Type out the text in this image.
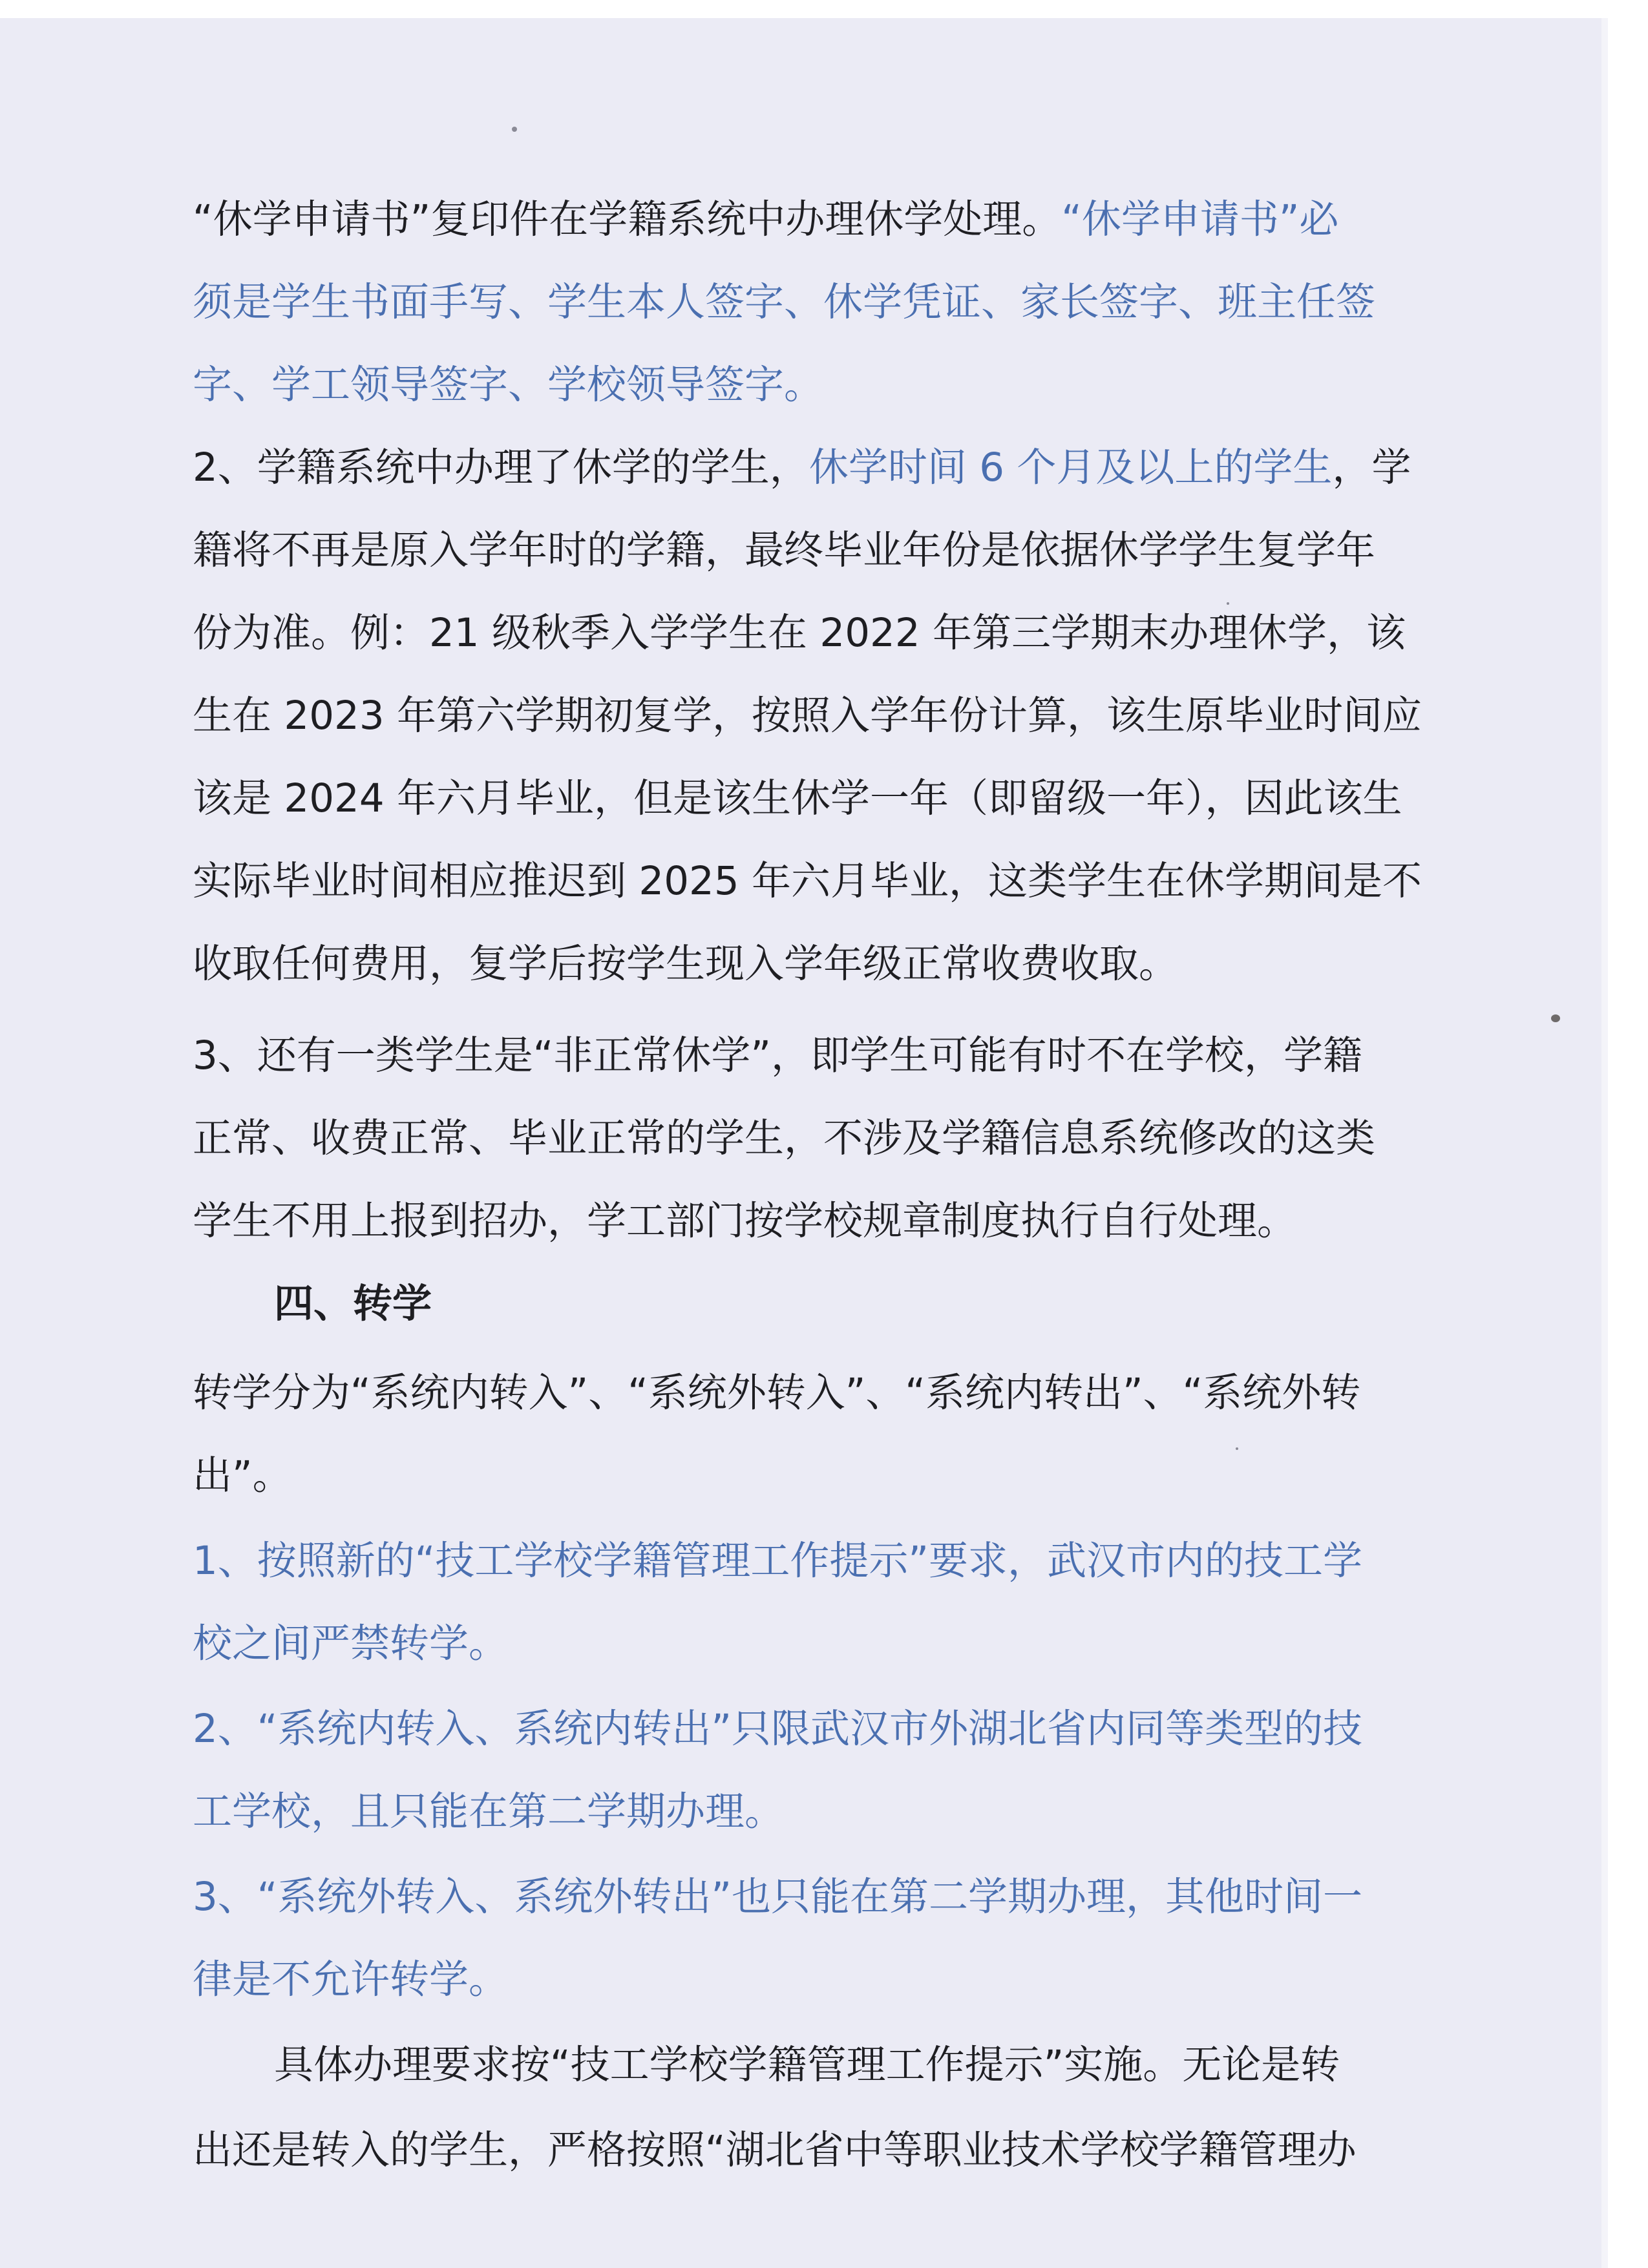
“休学申请书”复印件在学籍系统中办理休学处理。“休学申请书”必

须是学生书面手写、学生本人签字、休学凭证、家长签字、班主任签

字、学工领导签字、学校领导签字。

2、学籍系统中办理了休学的学生，休学时间 6 个月及以上的学生，学

籍将不再是原入学年时的学籍，最终毕业年份是依据休学学生复学年

份为准。例：21 级秋季入学学生在 2022 年第三学期末办理休学，该

生在 2023 年第六学期初复学，按照入学年份计算，该生原毕业时间应

该是 2024 年六月毕业，但是该生休学一年（即留级一年），因此该生

实际毕业时间相应推迟到 2025 年六月毕业，这类学生在休学期间是不

收取任何费用，复学后按学生现入学年级正常收费收取。

3、还有一类学生是“非正常休学”，即学生可能有时不在学校，学籍

正常、收费正常、毕业正常的学生，不涉及学籍信息系统修改的这类

学生不用上报到招办，学工部门按学校规章制度执行自行处理。

四、转学

转学分为“系统内转入”、“系统外转入”、“系统内转出”、“系统外转

出”。

1、按照新的“技工学校学籍管理工作提示”要求，武汉市内的技工学

校之间严禁转学。

2、“系统内转入、系统内转出”只限武汉市外湖北省内同等类型的技

工学校，且只能在第二学期办理。

3、“系统外转入、系统外转出”也只能在第二学期办理，其他时间一

律是不允许转学。

具体办理要求按“技工学校学籍管理工作提示”实施。无论是转

出还是转入的学生，严格按照“湖北省中等职业技术学校学籍管理办
